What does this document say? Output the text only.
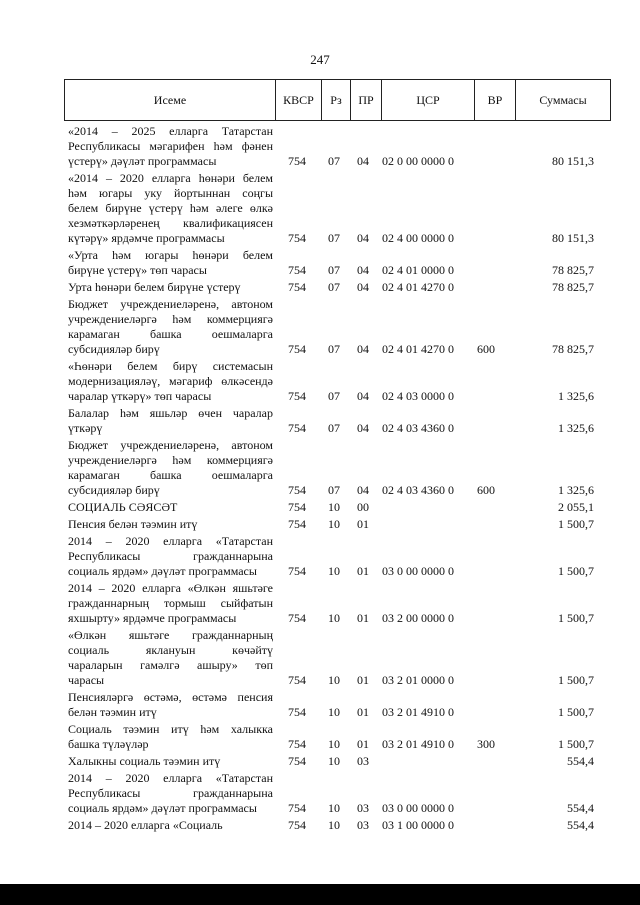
247
Исеме	КВСР	Рз	ПР	ЦСР	ВР	Суммасы
«2014 – 2025 елларга Татарстан
Республикасы мәгарифен һәм фәнен
үстерү» дәүләт программасы	754 07	04	02 0 00 0000 0	80 151,3
«2014 – 2020 елларга һөнәри белем
һәм югары уку йортыннан соңгы
белем бирүне үстерү һәм әлеге өлкә
хезмәткәрләренең квалификациясен
күтәрү» ярдәмче программасы	754 07	04	02 4 00 0000 0	80 151,3
«Урта һәм югары һөнәри белем
бирүне үстерү» төп чарасы	754 07	04	02 4 01 0000 0	78 825,7
Урта һөнәри белем бирүне үстерү	754 07	04	02 4 01 4270 0	78 825,7
Бюджет учреждениеләренә, автоном
учреждениеләргә һәм коммерциягә
карамаган башка оешмаларга
субсидияләр бирү	754 07	04	02 4 01 4270 0	600	78 825,7
«Һөнәри белем бирү системасын
модернизацияләү, мәгариф өлкәсендә
чаралар үткәрү» төп чарасы	754 07	04	02 4 03 0000 0	1 325,6
Балалар һәм яшьләр өчен чаралар
үткәрү	754 07	04	02 4 03 4360 0	1 325,6
Бюджет учреждениеләренә, автоном
учреждениеләргә һәм коммерциягә
карамаган башка оешмаларга
субсидияләр бирү	754 07	04	02 4 03 4360 0	600	1 325,6
СОЦИАЛЬ СӘЯСӘТ	754 10	00	2 055,1
Пенсия белән тәэмин итү	754 10	01	1 500,7
2014 – 2020 елларга «Татарстан
Республикасы гражданнарына
социаль ярдәм» дәүләт программасы	754 10	01	03 0 00 0000 0	1 500,7
2014 – 2020 елларга «Өлкән яшьтәге
гражданнарның тормыш сыйфатын
яхшырту» ярдәмче программасы	754 10	01	03 2 00 0000 0	1 500,7
«Өлкән яшьтәге гражданнарның
социаль яклануын көчәйтү
чараларын гамәлгә ашыру» төп
чарасы	754 10	01	03 2 01 0000 0	1 500,7
Пенсияләргә өстәмә, өстәмә пенсия
белән тәэмин итү	754 10	01	03 2 01 4910 0	1 500,7
Социаль тәэмин итү һәм халыкка
башка түләүләр	754 10	01	03 2 01 4910 0	300	1 500,7
Халыкны социаль тәэмин итү	754 10	03	554,4
2014 – 2020 елларга «Татарстан
Республикасы гражданнарына
социаль ярдәм» дәүләт программасы	754 10	03	03 0 00 0000 0	554,4
2014 – 2020 елларга «Социаль	754 10	03	03 1 00 0000 0	554,4
